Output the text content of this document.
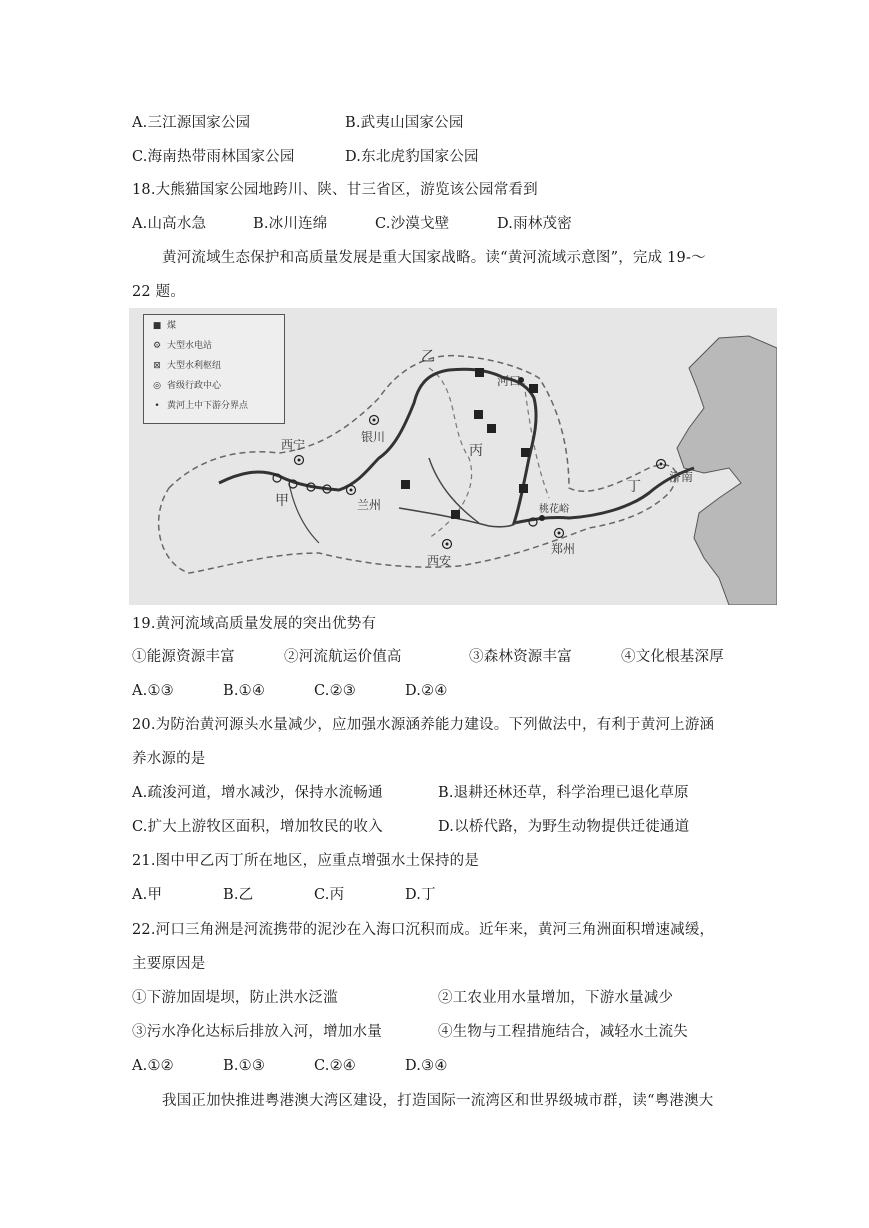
A.三江源国家公园	B.武夷山国家公园
C.海南热带雨林国家公园	D.东北虎豹国家公园
18.大熊猫国家公园地跨川、陕、甘三省区，游览该公园常看到
A.山高水急	B.冰川连绵	C.沙漠戈壁	D.雨林茂密
黄河流域生态保护和高质量发展是重大国家战略。读“黄河流域示意图”，完成 19-～
22 题。
■ 煤
⚙ 大型水电站
⊠ 大型水利枢纽
◎ 省级行政中心
• 黄河上中下游分界点
乙
河口
银川
西宁	丙
甲	兰州
丁
济南
桃花峪
郑州
西安
19.黄河流域高质量发展的突出优势有
①能源资源丰富	②河流航运价值高	③森林资源丰富	④文化根基深厚
A.①③	B.①④	C.②③	D.②④
20.为防治黄河源头水量减少，应加强水源涵养能力建设。下列做法中，有利于黄河上游涵
养水源的是
A.疏浚河道，增水减沙，保持水流畅通	B.退耕还林还草，科学治理已退化草原
C.扩大上游牧区面积，增加牧民的收入	D.以桥代路，为野生动物提供迁徙通道
21.图中甲乙丙丁所在地区，应重点增强水土保持的是
A.甲	B.乙	C.丙	D.丁
22.河口三角洲是河流携带的泥沙在入海口沉积而成。近年来，黄河三角洲面积增速减缓，
主要原因是
①下游加固堤坝，防止洪水泛滥	②工农业用水量增加，下游水量减少
③污水净化达标后排放入河，增加水量	④生物与工程措施结合，减轻水土流失
A.①②	B.①③	C.②④	D.③④
我国正加快推进粤港澳大湾区建设，打造国际一流湾区和世界级城市群，读“粤港澳大
